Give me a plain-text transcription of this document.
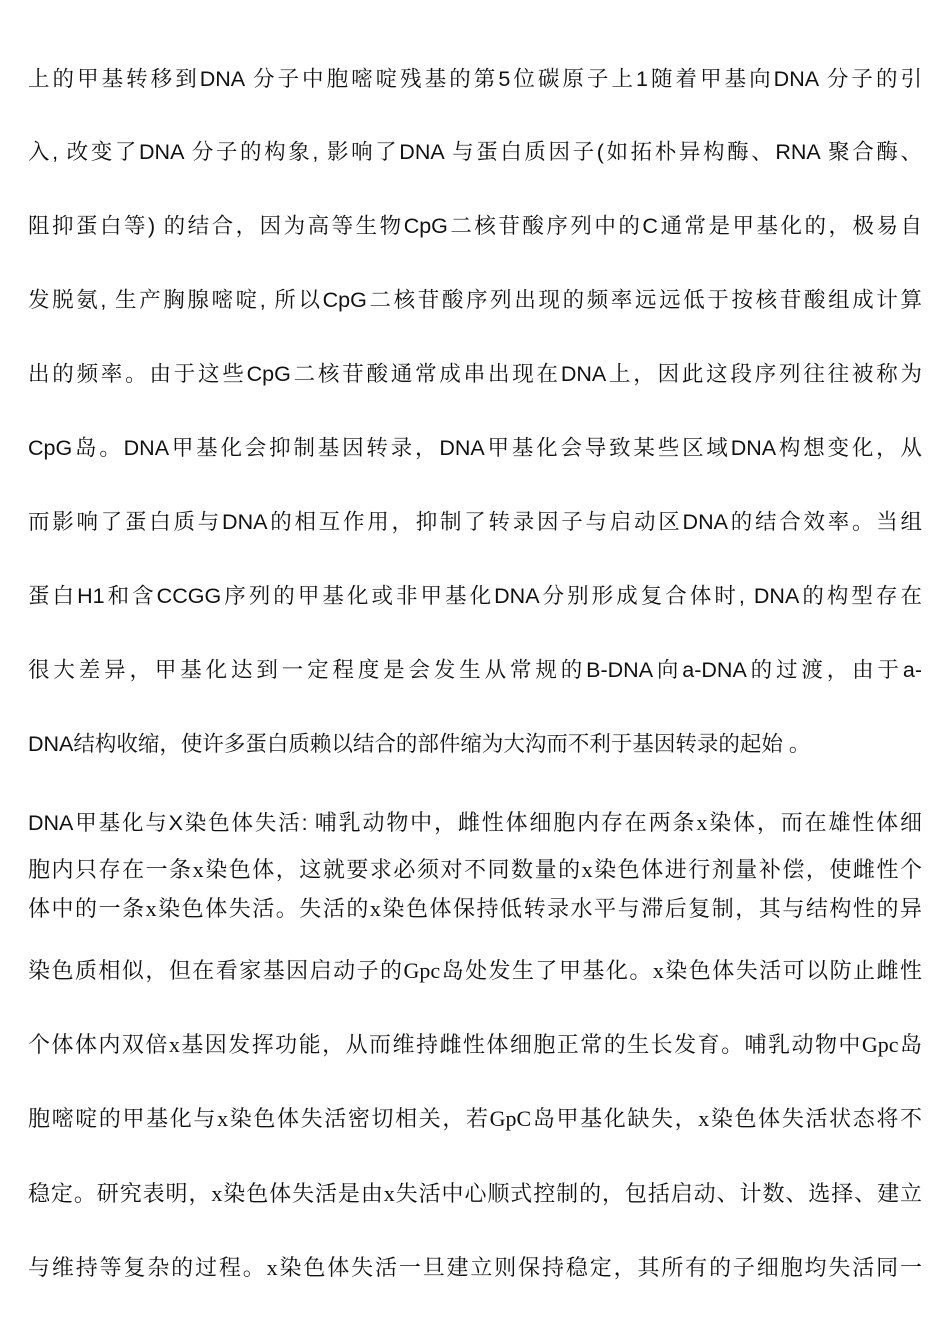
上的甲基转移到DNA 分子中胞嘧啶残基的第5位碳原子上1随着甲基向DNA 分子的引
入, 改变了DNA 分子的构象, 影响了DNA 与蛋白质因子(如拓朴异构酶、RNA 聚合酶、
阻抑蛋白等) 的结合，因为高等生物CpG二核苷酸序列中的C通常是甲基化的，极易自
发脱氨, 生产胸腺嘧啶, 所以CpG二核苷酸序列出现的频率远远低于按核苷酸组成计算
出的频率。由于这些CpG二核苷酸通常成串出现在DNA上，因此这段序列往往被称为
CpG岛。DNA甲基化会抑制基因转录，DNA甲基化会导致某些区域DNA构想变化，从
而影响了蛋白质与DNA的相互作用，抑制了转录因子与启动区DNA的结合效率。当组
蛋白H1和含CCGG序列的甲基化或非甲基化DNA分别形成复合体时, DNA的构型存在
很大差异，甲基化达到一定程度是会发生从常规的B-DNA向a-DNA的过渡，由于a-
DNA结构收缩，使许多蛋白质赖以结合的部件缩为大沟而不利于基因转录的起始 。
DNA甲基化与X染色体失活: 哺乳动物中，雌性体细胞内存在两条x染体，而在雄性体细
胞内只存在一条x染色体，这就要求必须对不同数量的x染色体进行剂量补偿，使雌性个
体中的一条x染色体失活。失活的x染色体保持低转录水平与滞后复制，其与结构性的异
染色质相似，但在看家基因启动子的Gpc岛处发生了甲基化。x染色体失活可以防止雌性
个体体内双倍x基因发挥功能，从而维持雌性体细胞正常的生长发育。哺乳动物中Gpc岛
胞嘧啶的甲基化与x染色体失活密切相关，若GpC岛甲基化缺失，x染色体失活状态将不
稳定。研究表明，x染色体失活是由x失活中心顺式控制的，包括启动、计数、选择、建立
与维持等复杂的过程。x染色体失活一旦建立则保持稳定，其所有的子细胞均失活同一
